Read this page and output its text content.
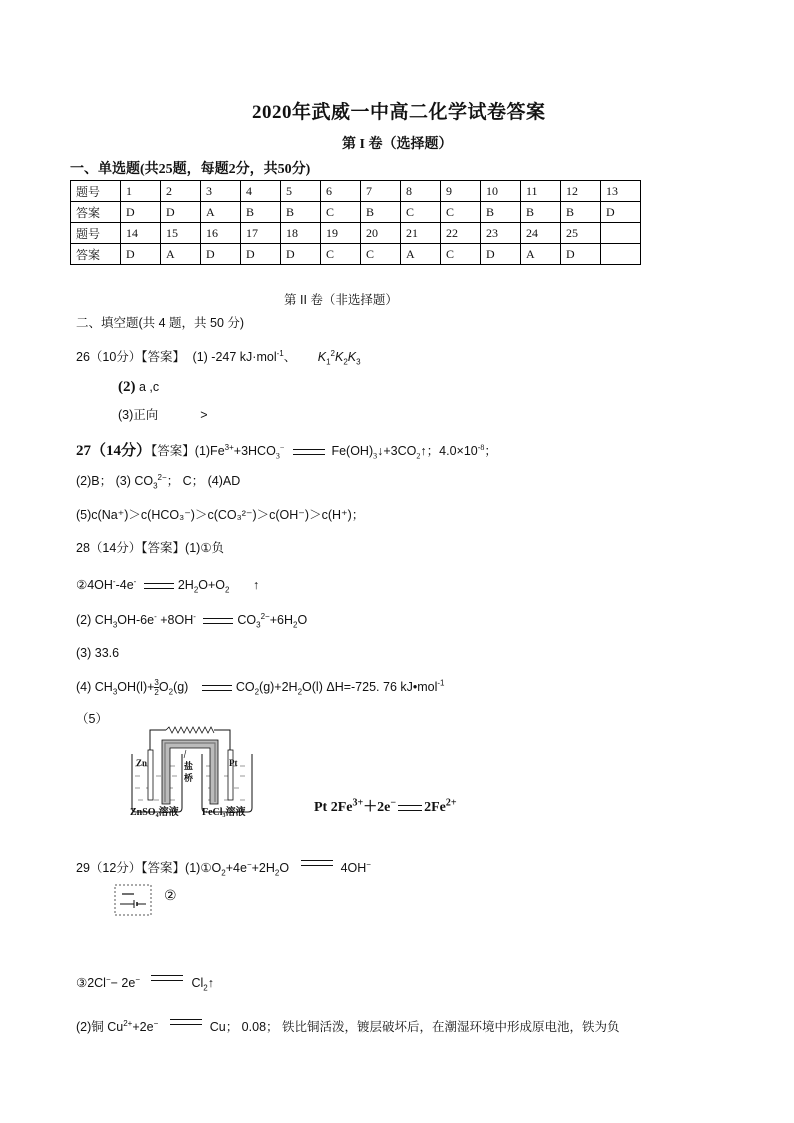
2020年武威一中高二化学试卷答案
第 I 卷（选择题）
一、单选题(共25题，每题2分，共50分)
题号	1	2	3	4	5	6	7	8	9	10	11	12	13
答案	D	D	A	B	B	C	B	C	C	B	B	B	D
题号	14	15	16	17	18	19	20	21	22	23	24	25	
答案	D	A	D	D	D	C	C	A	C	D	A	D	
第 II 卷（非选择题）
二、填空题(共 4 题，共 50 分)
26（10分）【答案】 (1) -247 kJ·mol$^{-1}$、 $K_1^2K_2K_3$
(2) a ,c
(3)正向	>
27（14分）【答案】$(1)Fe^{3+}+3HCO_3^-$	$Fe(OH)_3↓+3CO_2↑$；$4.0\times 10^{-8}$；
(2)B； (3) $CO_3^{2-}$； C； (4)AD
(5)c(Na⁺)＞c(HCO₃⁻)＞c(CO₃²⁻)＞c(OH⁻)＞c(H⁺)；
28（14分）【答案】(1)①负
②4OH--4e-	$2H_2O+O_2$ ↑
(2) $CH_3OH-6e^- +8OH^-$	$CO_3^{2-}+6H_2O$
(3) 33.6
(4) $CH_3OH(l)+ \frac{3}{2} O_2(g)$	$CO_2(g)+2H_2O(l)$ ΔH=-725. 76 kJ•mol$^{-1}$
（5）
Zn	Pt
盐
桥
ZnSO₄溶液 FeCl₃溶液	Pt $2Fe^{3+}+2e^-$ $2Fe^{2+}$
29（12分）【答案】$(1)①O_2+4e^-+2H_2O$	4OH−
②
③2Cl−− 2e−	$Cl_2↑$
(2)铜 $Cu^{2+}+2e^-$	Cu； 0.08； 铁比铜活泼，镀层破坏后，在潮湿环境中形成原电池，铁为负
